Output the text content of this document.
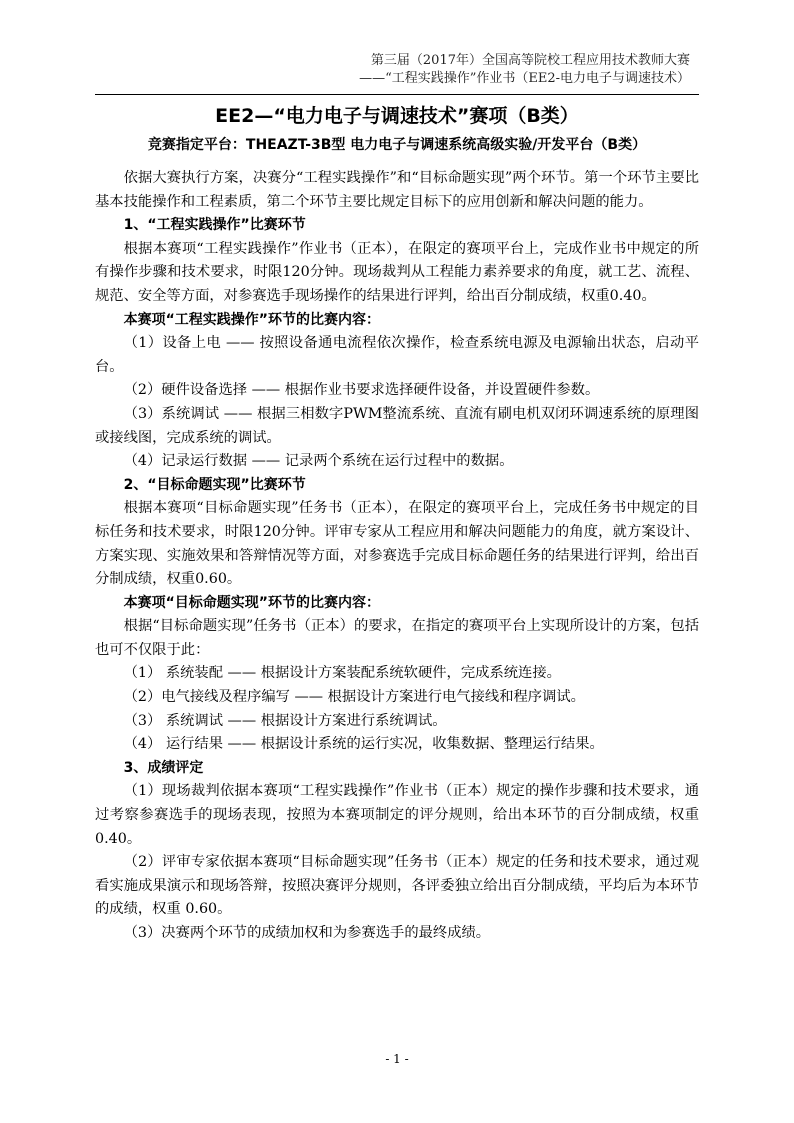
第三届（2017年）全国高等院校工程应用技术教师大赛
——“工程实践操作”作业书（EE2-电力电子与调速技术）
EE2—“电力电子与调速技术”赛项（B类）
竞赛指定平台：THEAZT-3B型 电力电子与调速系统高级实验/开发平台（B类）

依据大赛执行方案，决赛分“工程实践操作”和“目标命题实现”两个环节。第一个环节主要比基本技能操作和工程素质，第二个环节主要比规定目标下的应用创新和解决问题的能力。

1、“工程实践操作”比赛环节

根据本赛项“工程实践操作”作业书（正本），在限定的赛项平台上，完成作业书中规定的所有操作步骤和技术要求，时限120分钟。现场裁判从工程能力素养要求的角度，就工艺、流程、规范、安全等方面，对参赛选手现场操作的结果进行评判，给出百分制成绩，权重0.40。

本赛项“工程实践操作”环节的比赛内容：

（1）设备上电 —— 按照设备通电流程依次操作，检查系统电源及电源输出状态，启动平台。

（2）硬件设备选择 —— 根据作业书要求选择硬件设备，并设置硬件参数。

（3）系统调试 —— 根据三相数字PWM整流系统、直流有刷电机双闭环调速系统的原理图或接线图，完成系统的调试。

（4）记录运行数据 —— 记录两个系统在运行过程中的数据。

2、“目标命题实现”比赛环节

根据本赛项“目标命题实现”任务书（正本），在限定的赛项平台上，完成任务书中规定的目标任务和技术要求，时限120分钟。评审专家从工程应用和解决问题能力的角度，就方案设计、方案实现、实施效果和答辩情况等方面，对参赛选手完成目标命题任务的结果进行评判，给出百分制成绩，权重0.60。

本赛项“目标命题实现”环节的比赛内容：

根据“目标命题实现”任务书（正本）的要求，在指定的赛项平台上实现所设计的方案，包括也可不仅限于此：

（1） 系统装配 —— 根据设计方案装配系统软硬件，完成系统连接。

（2）电气接线及程序编写 —— 根据设计方案进行电气接线和程序调试。

（3） 系统调试 —— 根据设计方案进行系统调试。

（4） 运行结果 —— 根据设计系统的运行实况，收集数据、整理运行结果。

3、成绩评定

（1）现场裁判依据本赛项“工程实践操作”作业书（正本）规定的操作步骤和技术要求，通过考察参赛选手的现场表现，按照为本赛项制定的评分规则，给出本环节的百分制成绩，权重 0.40。

（2）评审专家依据本赛项“目标命题实现”任务书（正本）规定的任务和技术要求，通过观看实施成果演示和现场答辩，按照决赛评分规则，各评委独立给出百分制成绩，平均后为本环节的成绩，权重 0.60。

（3）决赛两个环节的成绩加权和为参赛选手的最终成绩。

- 1 -
